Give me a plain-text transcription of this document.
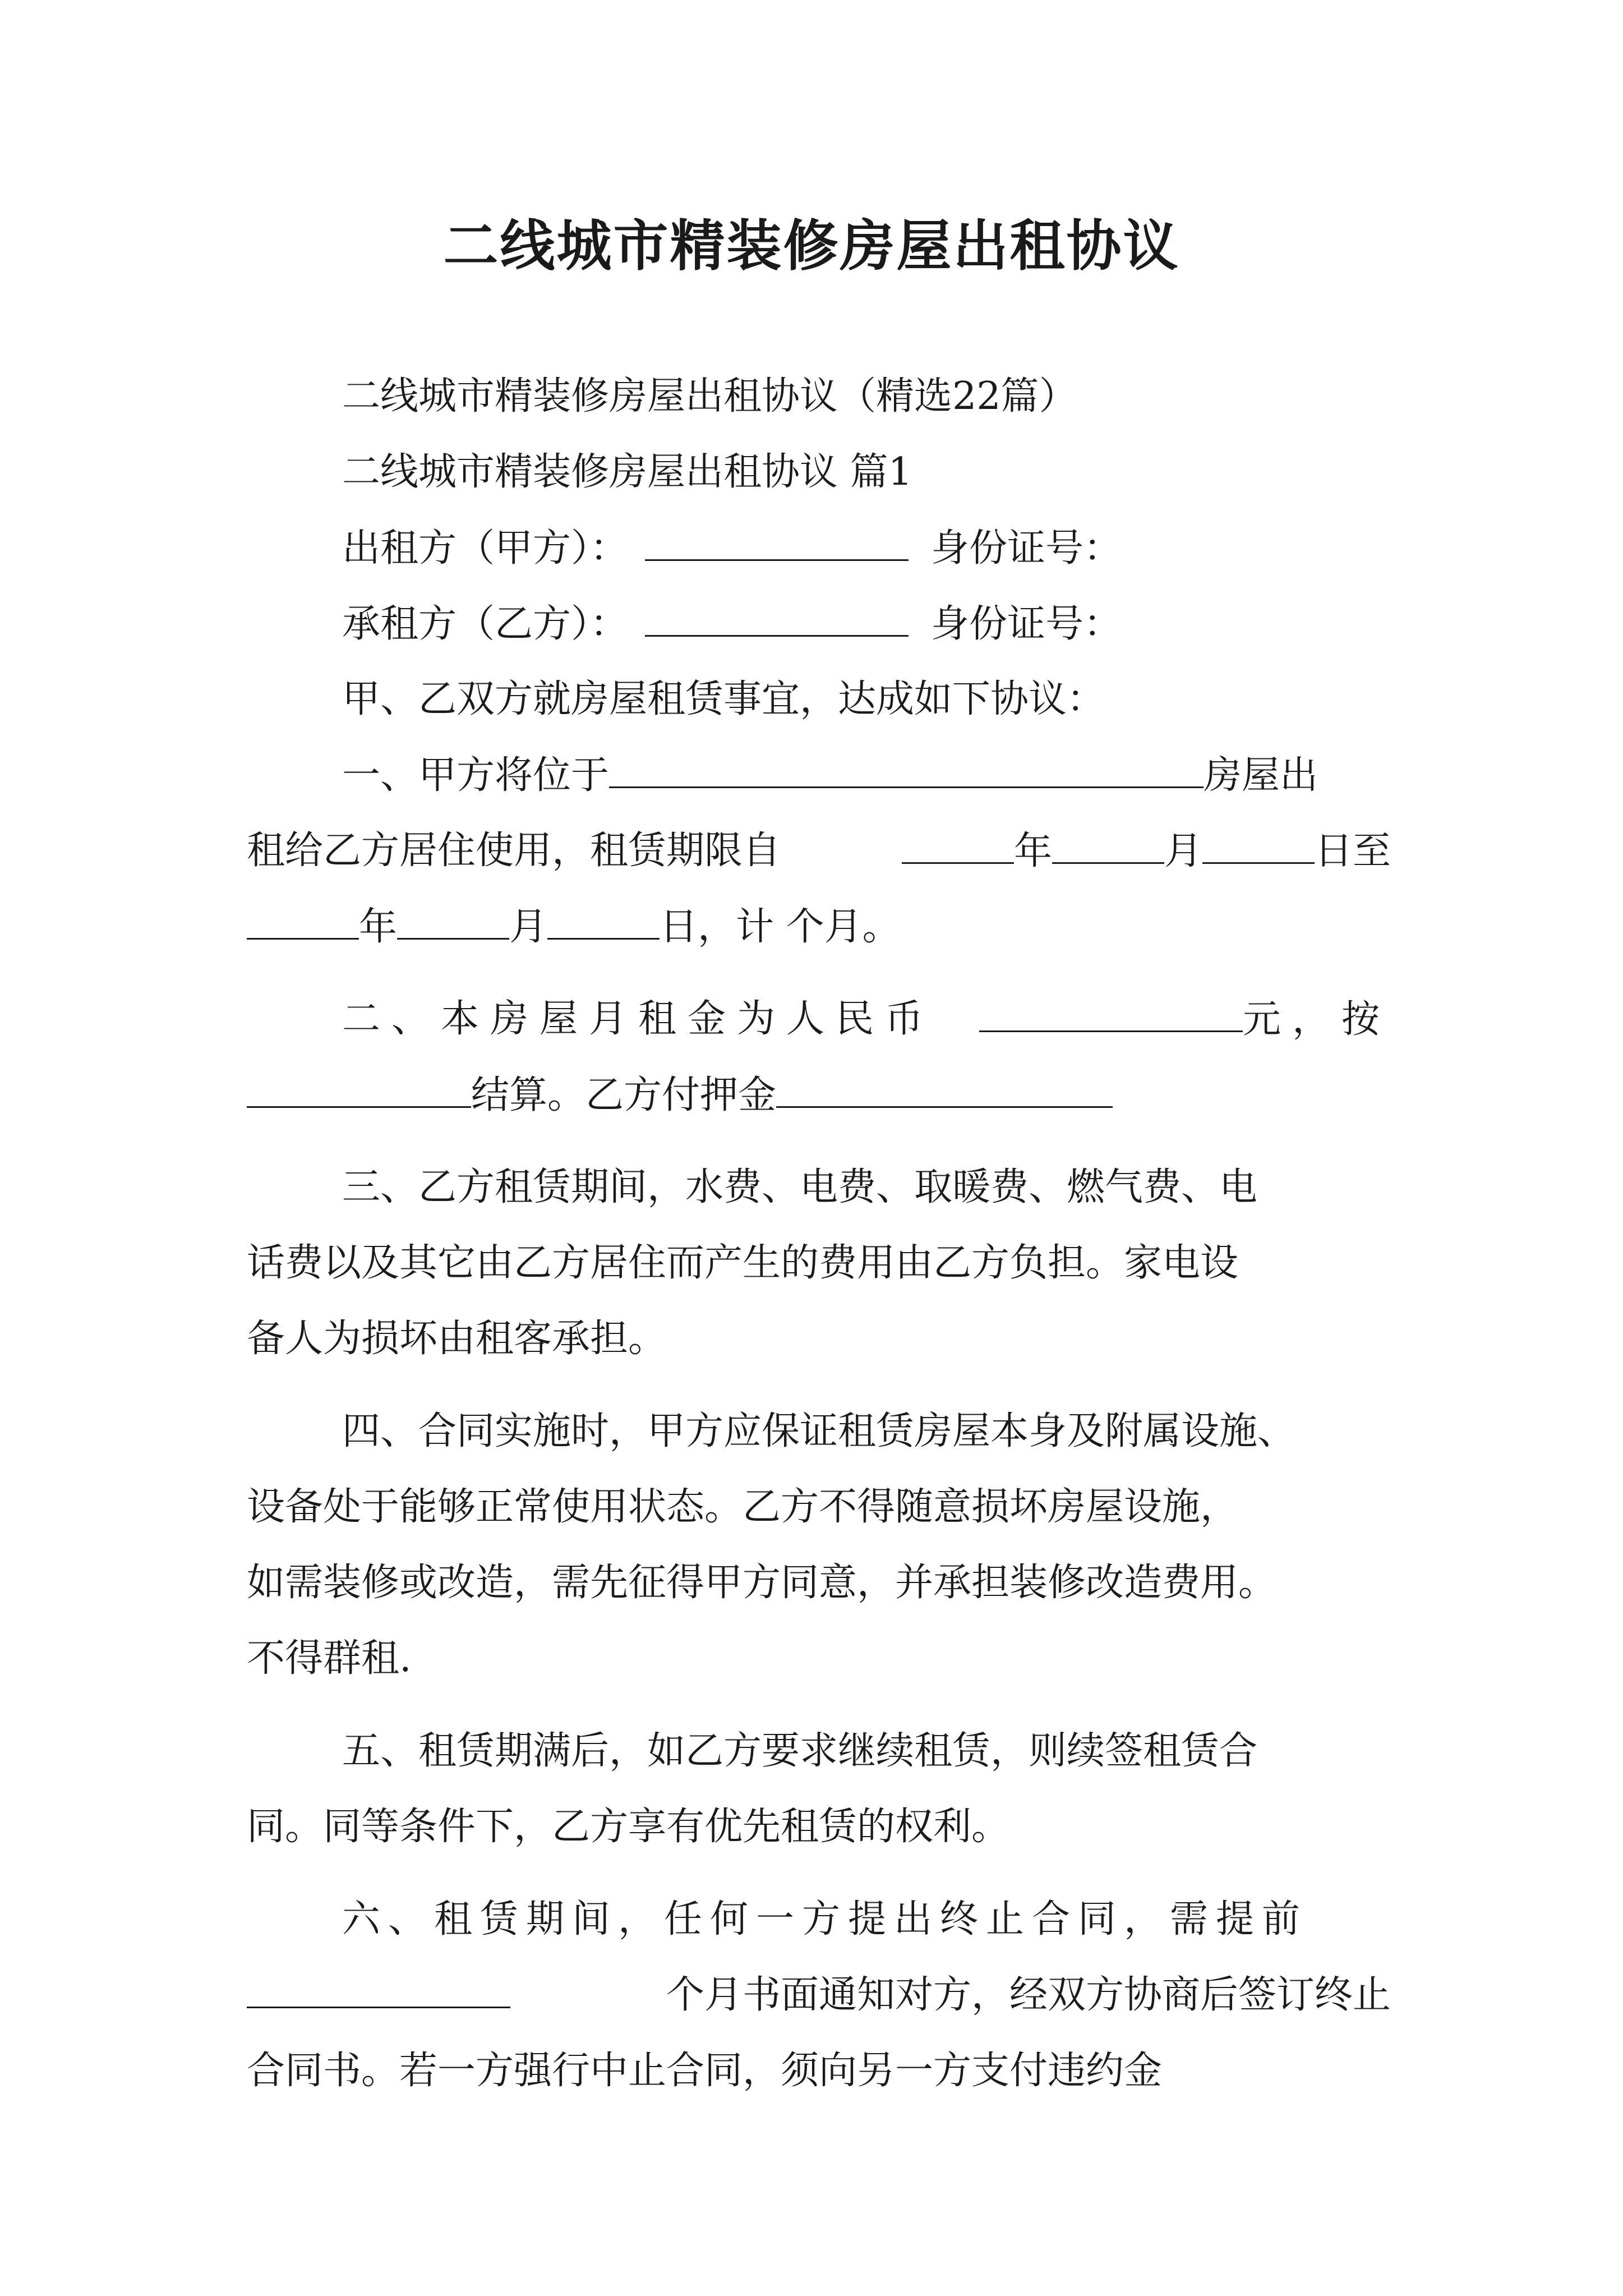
二线城市精装修房屋出租协议
二线城市精装修房屋出租协议（精选22篇）
二线城市精装修房屋出租协议 篇1
出租方（甲方）：	身份证号：
承租方（乙方）：	身份证号：
甲、乙双方就房屋租赁事宜，达成如下协议：
一、甲方将位于	房屋出
租给乙方居住使用，租赁期限自	年	月	日至
年	月	日，计 个月。
二、本房屋月租金为人民币	元，按
结算。乙方付押金
三、乙方租赁期间，水费、电费、取暖费、燃气费、电
话费以及其它由乙方居住而产生的费用由乙方负担。家电设
备人为损坏由租客承担。
四、合同实施时，甲方应保证租赁房屋本身及附属设施、
设备处于能够正常使用状态。乙方不得随意损坏房屋设施，
如需装修或改造，需先征得甲方同意，并承担装修改造费用。
不得群租.
五、租赁期满后，如乙方要求继续租赁，则续签租赁合
同。同等条件下，乙方享有优先租赁的权利。
六、租赁期间，任何一方提出终止合同，需提前
个月书面通知对方，经双方协商后签订终止
合同书。若一方强行中止合同，须向另一方支付违约金
